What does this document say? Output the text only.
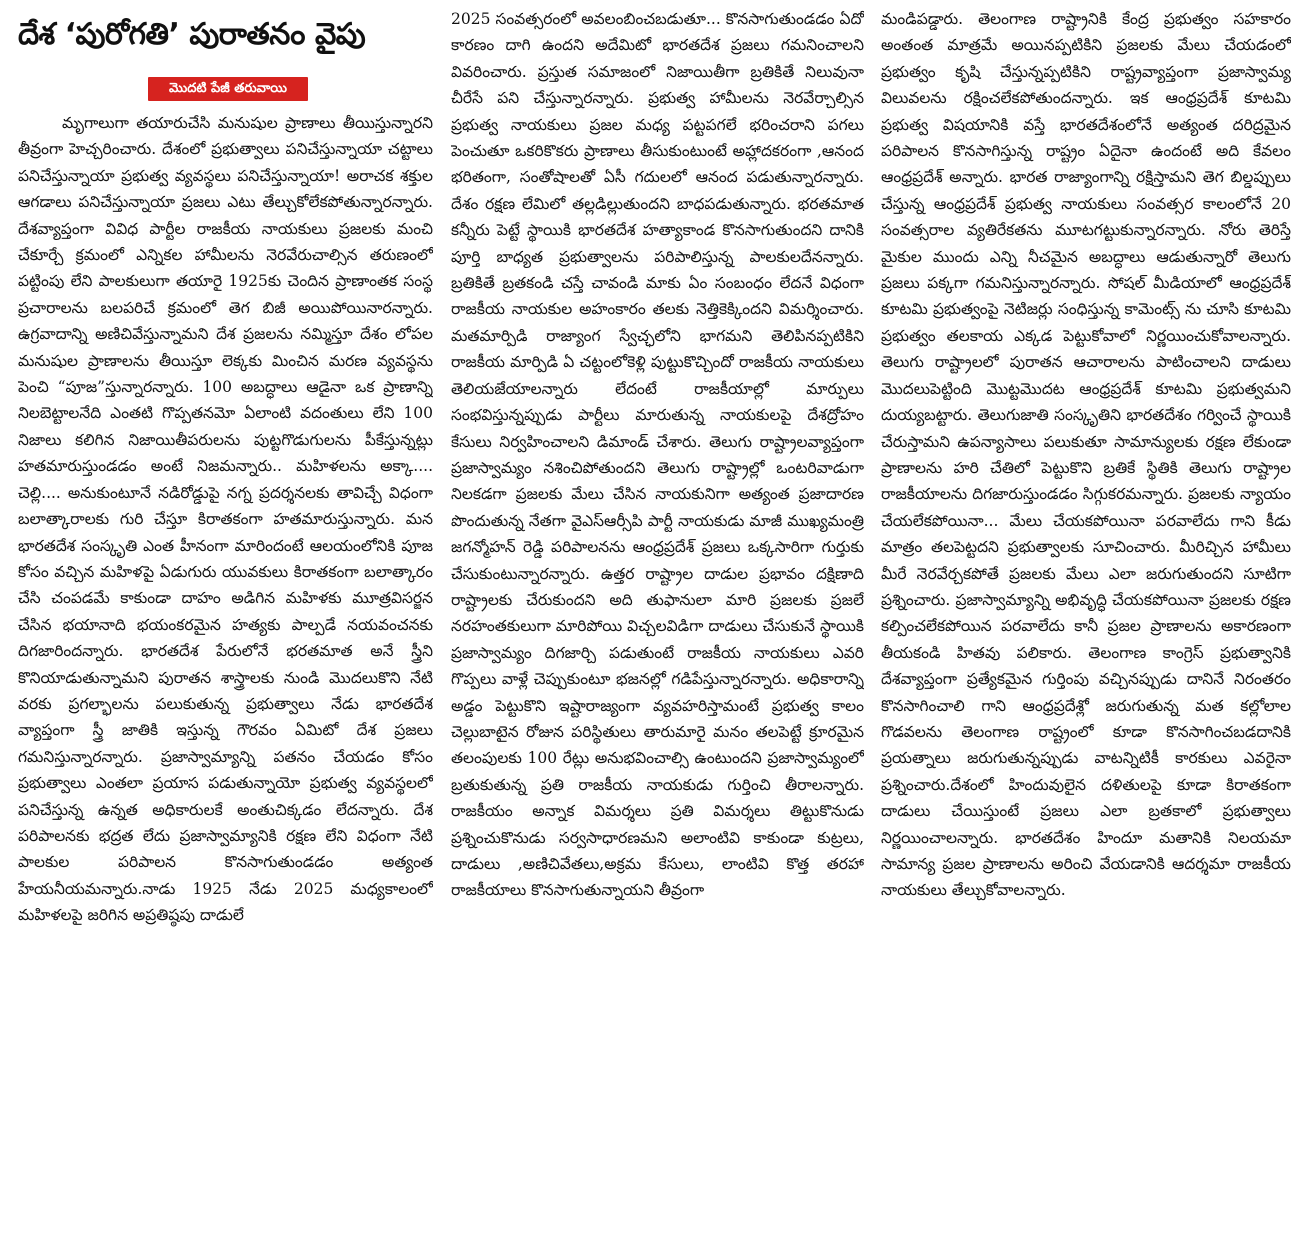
దేశ ‘పురోగతి’ పురాతనం వైపు
మొదటి పేజీ తరువాయి

మృగాలుగా తయారుచేసి మనుషుల ప్రాణాలు తీయిస్తున్నారని తీవ్రంగా హెచ్చరించారు. దేశంలో ప్రభుత్వాలు పనిచేస్తున్నాయా చట్టాలు పనిచేస్తున్నాయా ప్రభుత్వ వ్యవస్థలు పనిచేస్తున్నాయా! అరాచక శక్తుల ఆగడాలు పనిచేస్తున్నాయా ప్రజలు ఎటు తేల్చుకోలేకపోతున్నారన్నారు. దేశవ్యాప్తంగా వివిధ పార్టీల రాజకీయ నాయకులు ప్రజలకు మంచి చేకూర్చే క్రమంలో ఎన్నికల హామీలను నెరవేరుచాల్సిన తరుణంలో పట్టింపు లేని పాలకులుగా తయారై 1925కు చెందిన ప్రాణాంతక సంస్థ ప్రచారాలను బలపరిచే క్రమంలో తెగ బిజీ అయిపోయినారన్నారు. ఉగ్రవాదాన్ని అణిచివేస్తున్నామని దేశ ప్రజలను నమ్మిస్తూ దేశం లోపల మనుషుల ప్రాణాలను తీయిస్తూ లెక్కకు మించిన మరణ వ్యవస్థను పెంచి “పూజ”స్తున్నారన్నారు. 100 అబద్ధాలు ఆడైనా ఒక ప్రాణాన్ని నిలబెట్టాలనేది ఎంతటి గొప్పతనమో ఏలాంటి వదంతులు లేని 100 నిజాలు కలిగిన నిజాయితీపరులను పుట్టగొడుగులను పీకేస్తున్నట్లు హతమారుస్తుండడం అంటే నిజమన్నారు.. మహిళలను అక్కా.... చెల్లి.... అనుకుంటూనే నడిరోడ్డుపై నగ్న ప్రదర్శనలకు తావిచ్చే విధంగా బలాత్కారాలకు గురి చేస్తూ కిరాతకంగా హతమారుస్తున్నారు. మన భారతదేశ సంస్కృతి ఎంత హీనంగా మారిందంటే ఆలయంలోనికి పూజ కోసం వచ్చిన మహిళపై ఏడుగురు యువకులు కిరాతకంగా బలాత్కారం చేసి చంపడమే కాకుండా దాహం అడిగిన మహిళకు మూత్రవిసర్జన చేసిన భయానాది భయంకరమైన హత్యకు పాల్పడే నయవంచనకు దిగజారిందన్నారు. భారతదేశ పేరులోనే భరతమాత అనే స్త్రీని కొనియాడుతున్నామని పురాతన శాస్త్రాలకు నుండి మొదలుకొని నేటి వరకు ప్రగల్భాలను పలుకుతున్న ప్రభుత్వాలు నేడు భారతదేశ వ్యాప్తంగా స్త్రీ జాతికి ఇస్తున్న గౌరవం ఏమిటో దేశ ప్రజలు గమనిస్తున్నారన్నారు. ప్రజాస్వామ్యాన్ని పతనం చేయడం కోసం ప్రభుత్వాలు ఎంతలా ప్రయాస పడుతున్నాయో ప్రభుత్వ వ్యవస్థలలో పనిచేస్తున్న ఉన్నత అధికారులకే అంతుచిక్కడం లేదన్నారు. దేశ పరిపాలనకు భద్రత లేదు ప్రజాస్వామ్యానికి రక్షణ లేని విధంగా నేటి పాలకుల పరిపాలన కొనసాగుతుండడం అత్యంత హేయనీయమన్నారు.నాడు 1925 నేడు 2025 మధ్యకాలంలో మహిళలపై జరిగిన అప్రతిష్ఠపు దాడులే

2025 సంవత్సరంలో అవలంబించబడుతూ... కొనసాగుతుండడం ఏదో కారణం దాగి ఉందని అదేమిటో భారతదేశ ప్రజలు గమనించాలని వివరించారు. ప్రస్తుత సమాజంలో నిజాయితీగా బ్రతికితే నిలువునా చీరేసే పని చేస్తున్నారన్నారు. ప్రభుత్వ హామీలను నెరవేర్చాల్సిన ప్రభుత్వ నాయకులు ప్రజల మధ్య పట్టపగలే భరించరాని పగలు పెంచుతూ ఒకరికొకరు ప్రాణాలు తీసుకుంటుంటే అహ్లాదకరంగా ,ఆనంద భరితంగా, సంతోషాలతో ఏసీ గదులలో ఆనంద పడుతున్నారన్నారు. దేశం రక్షణ లేమిలో తల్లడిల్లుతుందని బాధపడుతున్నారు. భరతమాత కన్నీరు పెట్టే స్థాయికి భారతదేశ హత్యాకాండ కొనసాగుతుందని దానికి పూర్తి బాధ్యత ప్రభుత్వాలను పరిపాలిస్తున్న పాలకులదేనన్నారు. బ్రతికితే బ్రతకండి చస్తే చావండి మాకు ఏం సంబంధం లేదనే విధంగా రాజకీయ నాయకుల అహంకారం తలకు నెత్తికెక్కిందని విమర్శించారు. మతమార్పిడి రాజ్యాంగ స్వేచ్ఛలోని భాగమని తెలిపినప్పటికిని రాజకీయ మార్పిడి ఏ చట్టంలోకెళ్లి పుట్టుకొచ్చిందో రాజకీయ నాయకులు తెలియజేయాలన్నారు లేదంటే రాజకీయాల్లో మార్పులు సంభవిస్తున్నప్పుడు పార్టీలు మారుతున్న నాయకులపై దేశద్రోహం కేసులు నిర్వహించాలని డిమాండ్ చేశారు. తెలుగు రాష్ట్రాలవ్యాప్తంగా ప్రజాస్వామ్యం నశించిపోతుందని తెలుగు రాష్ట్రాల్లో ఒంటరివాడుగా నిలకడగా ప్రజలకు మేలు చేసిన నాయకునిగా అత్యంత ప్రజాదారణ పొందుతున్న నేతగా వైఎస్ఆర్సీపి పార్టీ నాయకుడు మాజీ ముఖ్యమంత్రి జగన్మోహన్ రెడ్డి పరిపాలనను ఆంధ్రప్రదేశ్ ప్రజలు ఒక్కసారిగా గుర్తుకు చేసుకుంటున్నారన్నారు. ఉత్తర రాష్ట్రాల దాడుల ప్రభావం దక్షిణాది రాష్ట్రాలకు చేరుకుందని అది తుఫానులా మారి ప్రజలకు ప్రజలే నరహంతకులుగా మారిపోయి విచ్చలవిడిగా దాడులు చేసుకునే స్థాయికి ప్రజాస్వామ్యం దిగజార్చి పడుతుంటే రాజకీయ నాయకులు ఎవరి గొప్పలు వాళ్లే చెప్పుకుంటూ భజనల్లో గడిపేస్తున్నారన్నారు. అధికారాన్ని అడ్డం పెట్టుకొని ఇష్టారాజ్యంగా వ్యవహరిస్తామంటే ప్రభుత్వ కాలం చెల్లుబాటైన రోజున పరిస్థితులు తారుమారై మనం తలపెట్టే క్రూరమైన తలంపులకు 100 రేట్లు అనుభవించాల్సి ఉంటుందని ప్రజాస్వామ్యంలో బ్రతుకుతున్న ప్రతి రాజకీయ నాయకుడు గుర్తించి తీరాలన్నారు. రాజకీయం అన్నాక విమర్శలు ప్రతి విమర్శలు తిట్టుకొనుడు ప్రశ్నించుకొనుడు సర్వసాధారణమని అలాంటివి కాకుండా కుట్రలు, దాడులు ,అణిచివేతలు,అక్రమ కేసులు, లాంటివి కొత్త తరహా రాజకీయాలు కొనసాగుతున్నాయని తీవ్రంగా

మండిపడ్డారు. తెలంగాణ రాష్ట్రానికి కేంద్ర ప్రభుత్వం సహకారం అంతంత మాత్రమే అయినప్పటికిని ప్రజలకు మేలు చేయడంలో ప్రభుత్వం కృషి చేస్తున్నప్పటికిని రాష్ట్రవ్యాప్తంగా ప్రజాస్వామ్య విలువలను రక్షించలేకపోతుందన్నారు. ఇక ఆంధ్రప్రదేశ్ కూటమి ప్రభుత్వ విషయానికి వస్తే భారతదేశంలోనే అత్యంత దరిద్రమైన పరిపాలన కొనసాగిస్తున్న రాష్ట్రం ఏదైనా ఉందంటే అది కేవలం ఆంధ్రప్రదేశ్ అన్నారు. భారత రాజ్యాంగాన్ని రక్షిస్తామని తెగ బిల్డప్పులు చేస్తున్న ఆంధ్రప్రదేశ్ ప్రభుత్వ నాయకులు సంవత్సర కాలంలోనే 20 సంవత్సరాల వ్యతిరేకతను మూటగట్టుకున్నారన్నారు. నోరు తెరిస్తే మైకుల ముందు ఎన్ని నీచమైన అబద్ధాలు ఆడుతున్నారో తెలుగు ప్రజలు పక్కగా గమనిస్తున్నారన్నారు. సోషల్ మీడియాలో ఆంధ్రప్రదేశ్ కూటమి ప్రభుత్వంపై నెటిజర్లు సంధిస్తున్న కామెంట్స్ ను చూసి కూటమి ప్రభుత్వం తలకాయ ఎక్కడ పెట్టుకోవాలో నిర్ణయించుకోవాలన్నారు. తెలుగు రాష్ట్రాలలో పురాతన ఆచారాలను పాటించాలని దాడులు మొదలుపెట్టింది మొట్టమొదట ఆంధ్రప్రదేశ్ కూటమి ప్రభుత్వమని దుయ్యబట్టారు. తెలుగుజాతి సంస్కృతిని భారతదేశం గర్వించే స్థాయికి చేరుస్తామని ఉపన్యాసాలు పలుకుతూ సామాన్యులకు రక్షణ లేకుండా ప్రాణాలను హరి చేతిలో పెట్టుకొని బ్రతికే స్థితికి తెలుగు రాష్ట్రాల రాజకీయాలను దిగజారుస్తుండడం సిగ్గుకరమన్నారు. ప్రజలకు న్యాయం చేయలేకపోయినా... మేలు చేయకపోయినా పరవాలేదు గాని కీడు మాత్రం తలపెట్టదని ప్రభుత్వాలకు సూచించారు. మీరిచ్చిన హామీలు మీరే నెరవేర్చకపోతే ప్రజలకు మేలు ఎలా జరుగుతుందని సూటిగా ప్రశ్నించారు. ప్రజాస్వామ్యాన్ని అభివృద్ధి చేయకపోయినా ప్రజలకు రక్షణ కల్పించలేకపోయిన పరవాలేదు కానీ ప్రజల ప్రాణాలను అకారణంగా తీయకండి హితవు పలికారు. తెలంగాణ కాంగ్రెస్ ప్రభుత్వానికి దేశవ్యాప్తంగా ప్రత్యేకమైన గుర్తింపు వచ్చినప్పుడు దానినే నిరంతరం కొనసాగించాలి గాని ఆంధ్రప్రదేశ్లో జరుగుతున్న మత కల్లోలాల గొడవలను తెలంగాణ రాష్ట్రంలో కూడా కొనసాగించబడదానికి ప్రయత్నాలు జరుగుతున్నప్పుడు వాటన్నిటికీ కారకులు ఎవరైనా ప్రశ్నించారు.దేశంలో హిందువులైన దళితులపై కూడా కిరాతకంగా దాడులు చేయిస్తుంటే ప్రజలు ఎలా బ్రతకాలో ప్రభుత్వాలు నిర్ణయించాలన్నారు. భారతదేశం హిందూ మతానికి నిలయమా సామాన్య ప్రజల ప్రాణాలను అరించి వేయడానికి ఆదర్శమా రాజకీయ నాయకులు తేల్చుకోవాలన్నారు.
